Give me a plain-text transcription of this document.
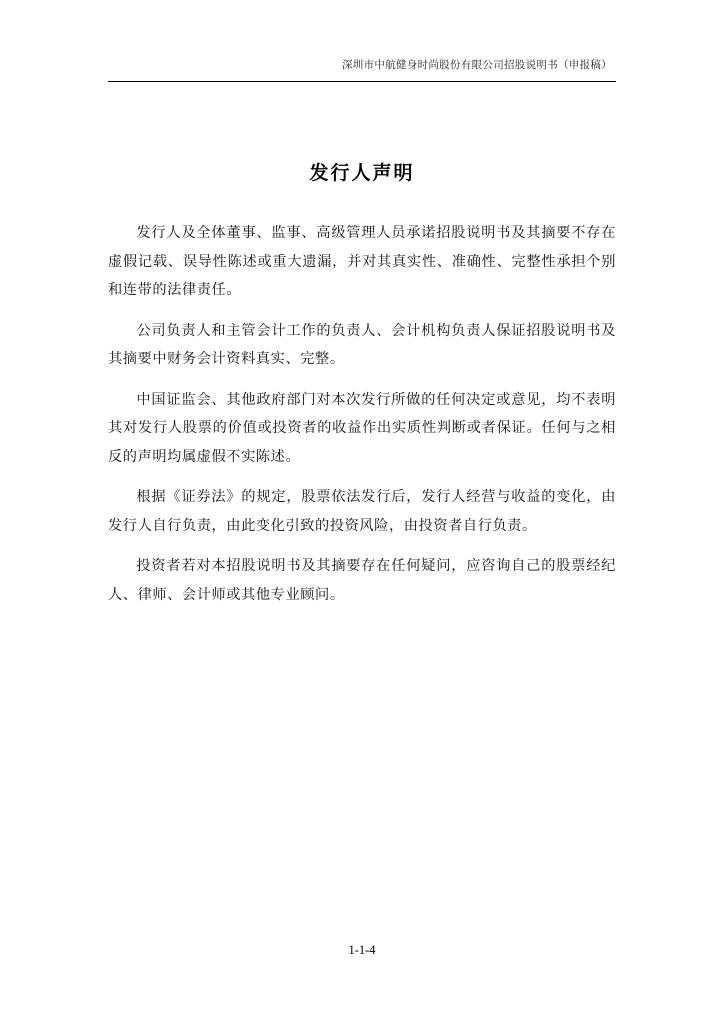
深圳市中航健身时尚股份有限公司招股说明书（申报稿）
发行人声明

发行人及全体董事、监事、高级管理人员承诺招股说明书及其摘要不存在虚假记载、误导性陈述或重大遗漏，并对其真实性、准确性、完整性承担个别和连带的法律责任。

公司负责人和主管会计工作的负责人、会计机构负责人保证招股说明书及其摘要中财务会计资料真实、完整。

中国证监会、其他政府部门对本次发行所做的任何决定或意见，均不表明其对发行人股票的价值或投资者的收益作出实质性判断或者保证。任何与之相反的声明均属虚假不实陈述。

根据《证券法》的规定，股票依法发行后，发行人经营与收益的变化，由发行人自行负责，由此变化引致的投资风险，由投资者自行负责。

投资者若对本招股说明书及其摘要存在任何疑问，应咨询自己的股票经纪人、律师、会计师或其他专业顾问。

1-1-4
